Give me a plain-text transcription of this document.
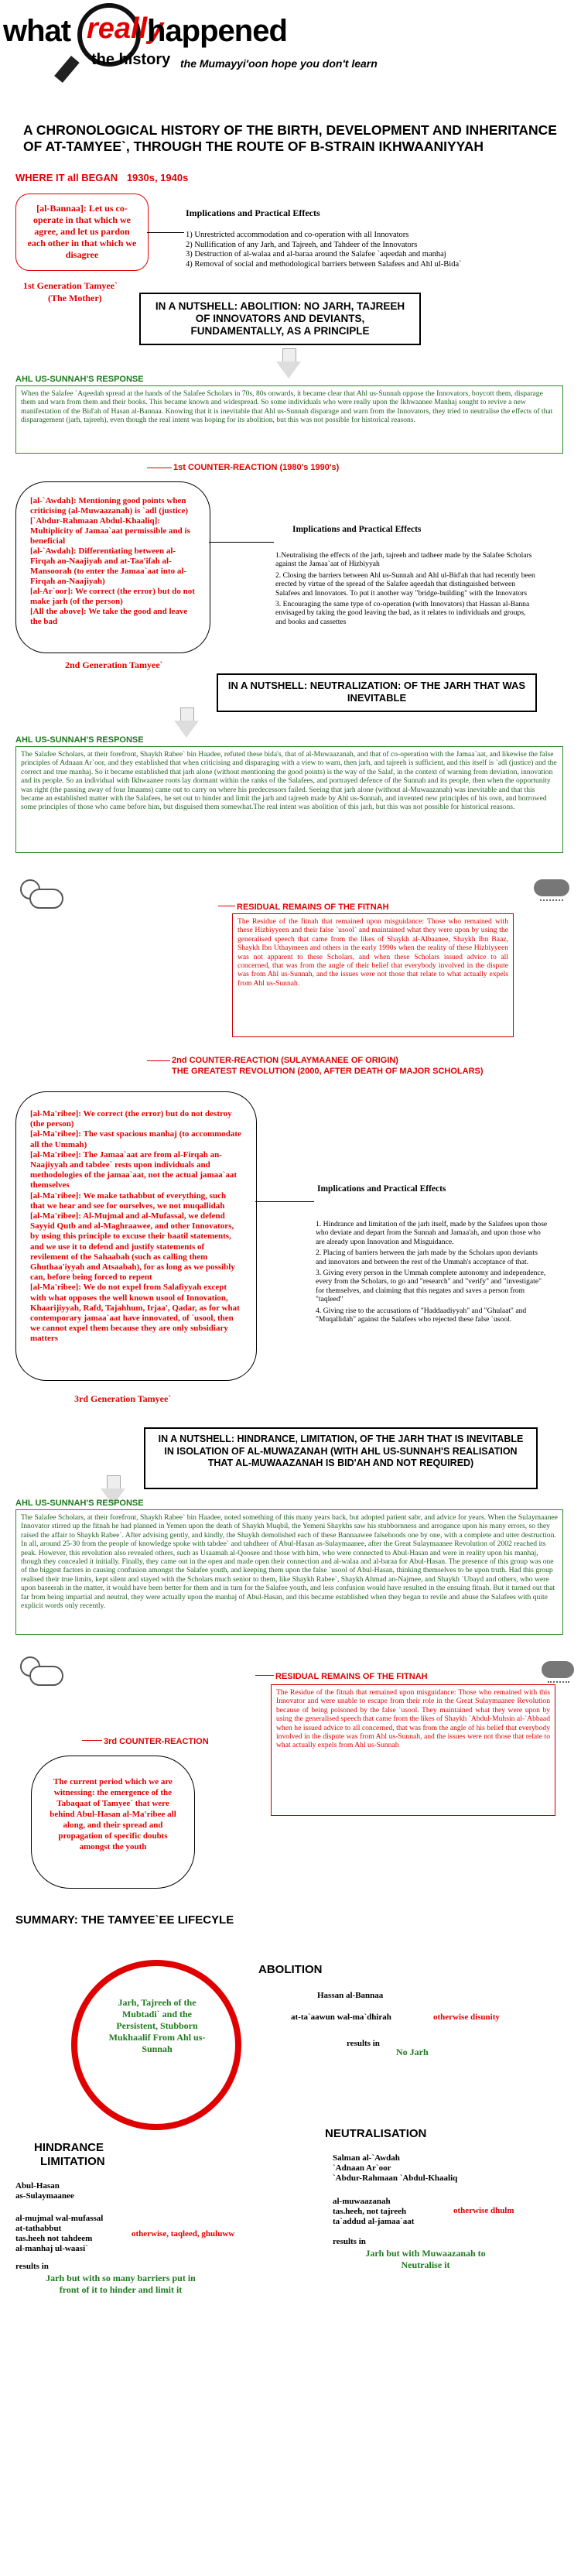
what really
happened
the history the Mumayyi'oon hope you don't learn
A CHRONOLOGICAL HISTORY OF THE BIRTH, DEVELOPMENT AND INHERITANCE OF AT-TAMYEE`, THROUGH THE ROUTE OF B-STRAIN IKHWAANIYYAH
WHERE IT all BEGAN 1930s, 1940s
[al-Bannaa]: Let us co-operate in that which we agree, and let us pardon each other in that which we disagree
1st Generation Tamyee`
(The Mother)
Implications and Practical Effects

1) Unrestricted accommodation and co-operation with all Innovators

2) Nullification of any Jarh, and Tajreeh, and Tahdeer of the Innovators

3) Destruction of al-walaa and al-baraa around the Salafee `aqeedah and manhaj

4) Removal of social and methodological barriers between Salafees and Ahl ul-Bida`

IN A NUTSHELL: ABOLITION: NO JARH, TAJREEH OF INNOVATORS AND DEVIANTS, FUNDAMENTALLY, AS A PRINCIPLE
AHL US-SUNNAH'S RESPONSE

When the Salafee `Aqeedah spread at the hands of the Salafee Scholars in 70s, 80s onwards, it became clear that Ahl us-Sunnah oppose the Innovators, boycott them, disparage them and warn from them and their books. This became known and widespread. So some individuals who were really upon the Ikhwaanee Manhaj sought to revive a new manifestation of the Bid'ah of Hasan al-Bannaa. Knowing that it is inevitable that Ahl us-Sunnah disparage and warn from the Innovators, they tried to neutralise the effects of that disparagement (jarh, tajreeh), even though the real intent was hoping for its abolition, but this was not possible for historical reasons.

1st COUNTER-REACTION (1980's 1990's)

[al-`Awdah]: Mentioning good points when criticising (al-Muwaazanah) is `adl (justice)

[`Abdur-Rahmaan Abdul-Khaaliq]: Multiplicity of Jamaa`aat permissible and is beneficial

[al-`Awdah]: Differentiating between al-Firqah an-Naajiyah and at-Taa'ifah al-Mansoorah (to enter the Jamaa`aat into al-Firqah an-Naajiyah)

[al-Ar`oor]: We correct (the error) but do not make jarh (of the person)

[All the above]: We take the good and leave the bad

2nd Generation Tamyee`
Implications and Practical Effects

1.Neutralising the effects of the jarh, tajreeh and tadheer made by the Salafee Scholars against the Jamaa`aat of Hizbiyyah

2. Closing the barriers between Ahl us-Sunnah and Ahl ul-Bid'ah that had recently been erected by virtue of the spread of the Salafee aqeedah that distinguished between Salafees and Innovators. To put it another way "bridge-building" with the Innovators

3. Encouraging the same type of co-operation (with Innovators) that Hassan al-Banna envisaged by taking the good leaving the bad, as it relates to individuals and groups, and books and cassettes

IN A NUTSHELL: NEUTRALIZATION: OF THE JARH THAT WAS INEVITABLE
AHL US-SUNNAH'S RESPONSE

The Salafee Scholars, at their forefront, Shaykh Rabee` bin Haadee, refuted these bida's, that of al-Muwaazanah, and that of co-operation with the Jamaa`aat, and likewise the false principles of Adnaan Ar`oor, and they established that when criticising and disparaging with a view to warn, then jarh, and tajreeh is sufficient, and this itself is `adl (justice) and the correct and true manhaj. So it became established that jarh alone (without mentioning the good points) is the way of the Salaf, in the context of warning from deviation, innovation and its people. So an individual with Ikhwaanee roots lay dormant within the ranks of the Salafees, and portrayed defence of the Sunnah and its people, then when the opportunity was right (the passing away of four Imaams) came out to carry on where his predecessors failed. Seeing that jarh alone (without al-Muwaazanah) was inevitable and that this became an established matter with the Salafees, he set out to hinder and limit the jarh and tajreeh made by Ahl us-Sunnah, and invented new principles of his own, and borrowed some principles of those who came before him, but disguised them somewhat.The real intent was abolition of this jarh, but this was not possible for historical reasons.

RESIDUAL REMAINS OF THE FITNAH

The Residue of the fitnah that remained upon misguidance: Those who remained with these Hizbiyyeen and their false `usool` and maintained what they were upon by using the generalised speech that came from the likes of Shaykh al-Albaanee, Shaykh Ibn Baaz, Shaykh Ibn Uthaymeen and others in the early 1990s when the reality of these Hizbiyyeen was not apparent to these Scholars, and when these Scholars issued advice to all concerned, that was from the angle of their belief that everybody involved in the dispute was from Ahl us-Sunnah, and the issues were not those that relate to what actually expels from Ahl us-Sunnah.

2nd COUNTER-REACTION (SULAYMAANEE OF ORIGIN)
THE GREATEST REVOLUTION (2000, AFTER DEATH OF MAJOR SCHOLARS)

[al-Ma'ribee]: We correct (the error) but do not destroy (the person)

[al-Ma'ribee]: The vast spacious manhaj (to accommodate all the Ummah)

[al-Ma'ribee]: The Jamaa`aat are from al-Firqah an-Naajiyyah and tabdee` rests upon individuals and methodologies of the jamaa`aat, not the actual jamaa`aat themselves

[al-Ma'ribee]: We make tathabbut of everything, such that we hear and see for ourselves, we not muqallidah

[al-Ma'ribee]: Al-Mujmal and al-Mufassal, we defend Sayyid Qutb and al-Maghraawee, and other Innovators, by using this principle to excuse their baatil statements, and we use it to defend and justify statements of revilement of the Sahaabah (such as calling them Ghuthaa'iyyah and Atsaabah), for as long as we possibly can, before being forced to repent

[al-Ma'ribee]: We do not expel from Salafiyyah except with what opposes the well known usool of Innovation, Khaarijiyyah, Rafd, Tajahhum, Irjaa', Qadar, as for what contemporary jamaa`aat have innovated, of `usool, then we cannot expel them because they are only subsidiary matters

3rd Generation Tamyee`
Implications and Practical Effects

1. Hindrance and limitation of the jarh itself, made by the Salafees upon those who deviate and depart from the Sunnah and Jamaa'ah, and upon those who are already upon Innovation and Misguidance.

2. Placing of barriers between the jarh made by the Scholars upon deviants and innovators and between the rest of the Ummah's acceptance of that.

3. Giving every person in the Ummah complete autonomy and independence, every from the Scholars, to go and "research" and "verify" and "investigate" for themselves, and claiming that this negates and saves a person from "taqleed"

4. Giving rise to the accusations of "Haddaadiyyah" and "Ghulaat" and "Muqallidah" against the Salafees who rejected these false `usool.

IN A NUTSHELL: HINDRANCE, LIMITATION, OF THE JARH THAT IS INEVITABLE IN ISOLATION OF AL-MUWAZANAH (WITH AHL US-SUNNAH'S REALISATION THAT AL-MUWAAZANAH IS BID'AH AND NOT REQUIRED)
AHL US-SUNNAH'S RESPONSE

The Salafee Scholars, at their forefront, Shaykh Rabee` bin Haadee, noted something of this many years back, but adopted patient sabr, and advice for years. When the Sulaymaanee Innovator stirred up the fitnah he had planned in Yemen upon the death of Shaykh Muqbil, the Yemeni Shaykhs saw his stubbornness and arrogance upon his many errors, so they raised the affair to Shaykh Rabee`. After advising gently, and kindly, the Shaykh demolished each of these Bannaawee falsehoods one by one, with a complete and utter destruction. In all, around 25-30 from the people of knowledge spoke with tabdee` and tahdheer of Abul-Hasan as-Sulaymaanee, after the Great Sulaymaanee Revolution of 2002 reached its peak. However, this revolution also revealed others, such as Usaamah al-Qoosee and those with him, who were connected to Abul-Hasan and were in reality upon his manhaj, though they concealed it initially. Finally, they came out in the open and made open their connection and al-walaa and al-baraa for Abul-Hasan. The presence of this group was one of the biggest factors in causing confusion amongst the Salafee youth, and keeping them upon the false `usool of Abul-Hasan, thinking themselves to be upon truth. Had this group realised their true limits, kept silent and stayed with the Scholars much senior to them, like Shaykh Rabee`, Shaykh Ahmad an-Najmee, and Shaykh `Ubayd and others, who were upon baseerah in the matter, it would have been better for them and in turn for the Salafee youth, and less confusion would have resulted in the ensuing fitnah. But it turned out that far from being impartial and neutral, they were actually upon the manhaj of Abul-Hasan, and this became established when they began to revile and abuse the Salafees with quite explicit words only recently.

RESIDUAL REMAINS OF THE FITNAH

The Residue of the fitnah that remained upon misguidance: Those who remained with this Innovator and were unable to escape from their role in the Great Sulaymaanee Revolution because of being poisoned by the false `usool. They maintained what they were upon by using the generalised speech that came from the likes of Shaykh `Abdul-Muhsin al-`Abbaad when he issued advice to all concerned, that was from the angle of his belief that everybody involved in the dispute was from Ahl us-Sunnah, and the issues were not those that relate to what actually expels from Ahl us-Sunnah

3rd COUNTER-REACTION

The current period which we are witnessing: the emergence of the Tabaqaat of Tamyee` that were behind Abul-Hasan al-Ma'ribee all along, and their spread and propagation of specific doubts amongst the youth

SUMMARY: THE TAMYEE`EE LIFECYLE
Jarh, Tajreeh of the Mubtadi` and the Persistent, Stubborn Mukhaalif From Ahl us-Sunnah
ABOLITION
Hassan al-Bannaa
at-ta`aawun wal-ma`dhirah	otherwise disunity
results in
No Jarh
NEUTRALISATION

Salman al-`Awdah

`Adnaan Ar`oor

`Abdur-Rahmaan `Abdul-Khaaliq

al-muwaazanah

tas.heeh, not tajreeh

ta`addud al-jamaa`aat

otherwise dhulm
results in
Jarh but with Muwaazanah to Neutralise it
HINDRANCE
LIMITATION

Abul-Hasan

as-Sulaymaanee

al-mujmal wal-mufassal

at-tathabbut

tas.heeh not tahdeem

al-manhaj ul-waasi`

otherwise, taqleed, ghuluww
results in
Jarh but with so many barriers put in front of it to hinder and limit it
